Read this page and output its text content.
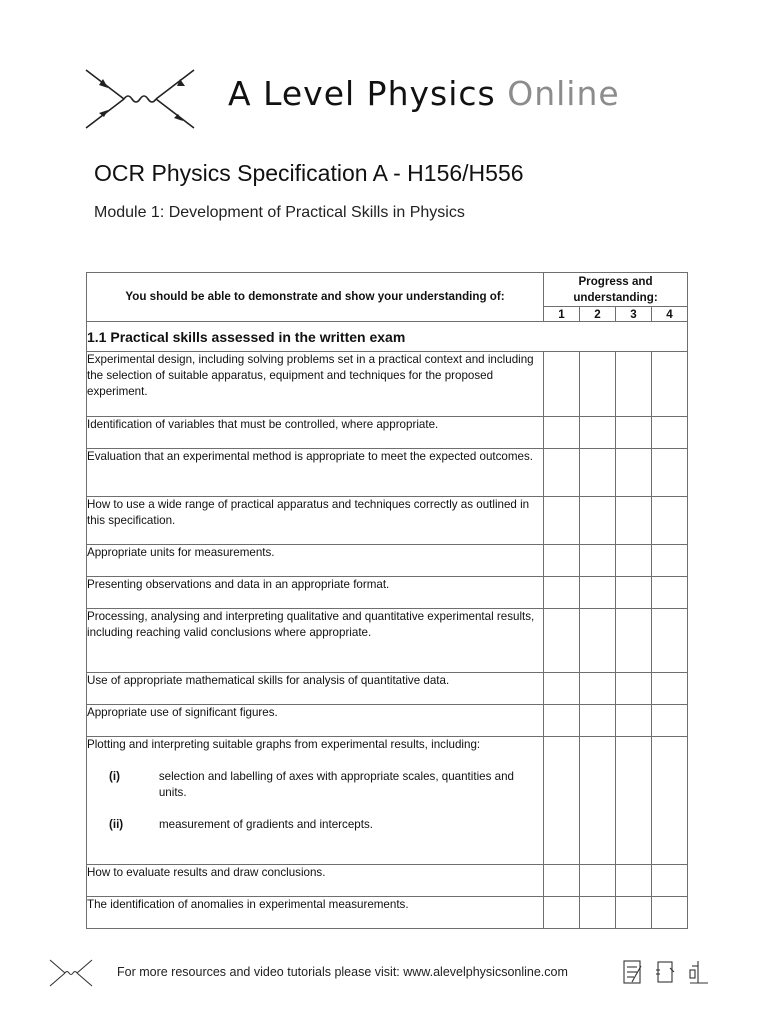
A Level Physics Online
OCR Physics Specification A - H156/H556
Module 1: Development of Practical Skills in Physics
You should be able to demonstrate and show your understanding of:	Progress and understanding:			
	1	2	3	4
1.1 Practical skills assessed in the written exam				
Experimental design, including solving problems set in a practical context and including the selection of suitable apparatus, equipment and techniques for the proposed experiment.				
Identification of variables that must be controlled, where appropriate.				
Evaluation that an experimental method is appropriate to meet the expected outcomes.				
How to use a wide range of practical apparatus and techniques correctly as outlined in this specification.				
Appropriate units for measurements.				
Presenting observations and data in an appropriate format.				
Processing, analysing and interpreting qualitative and quantitative experimental results, including reaching valid conclusions where appropriate.				
Use of appropriate mathematical skills for analysis of quantitative data.				
Appropriate use of significant figures.				

Plotting and interpreting suitable graphs from experimental results, including:
(i) selection and labelling of axes with appropriate scales, quantities and units.
(ii) measurement of gradients and intercepts.				

How to evaluate results and draw conclusions.				
The identification of anomalies in experimental measurements.				
For more resources and video tutorials please visit: www.alevelphysicsonline.com
